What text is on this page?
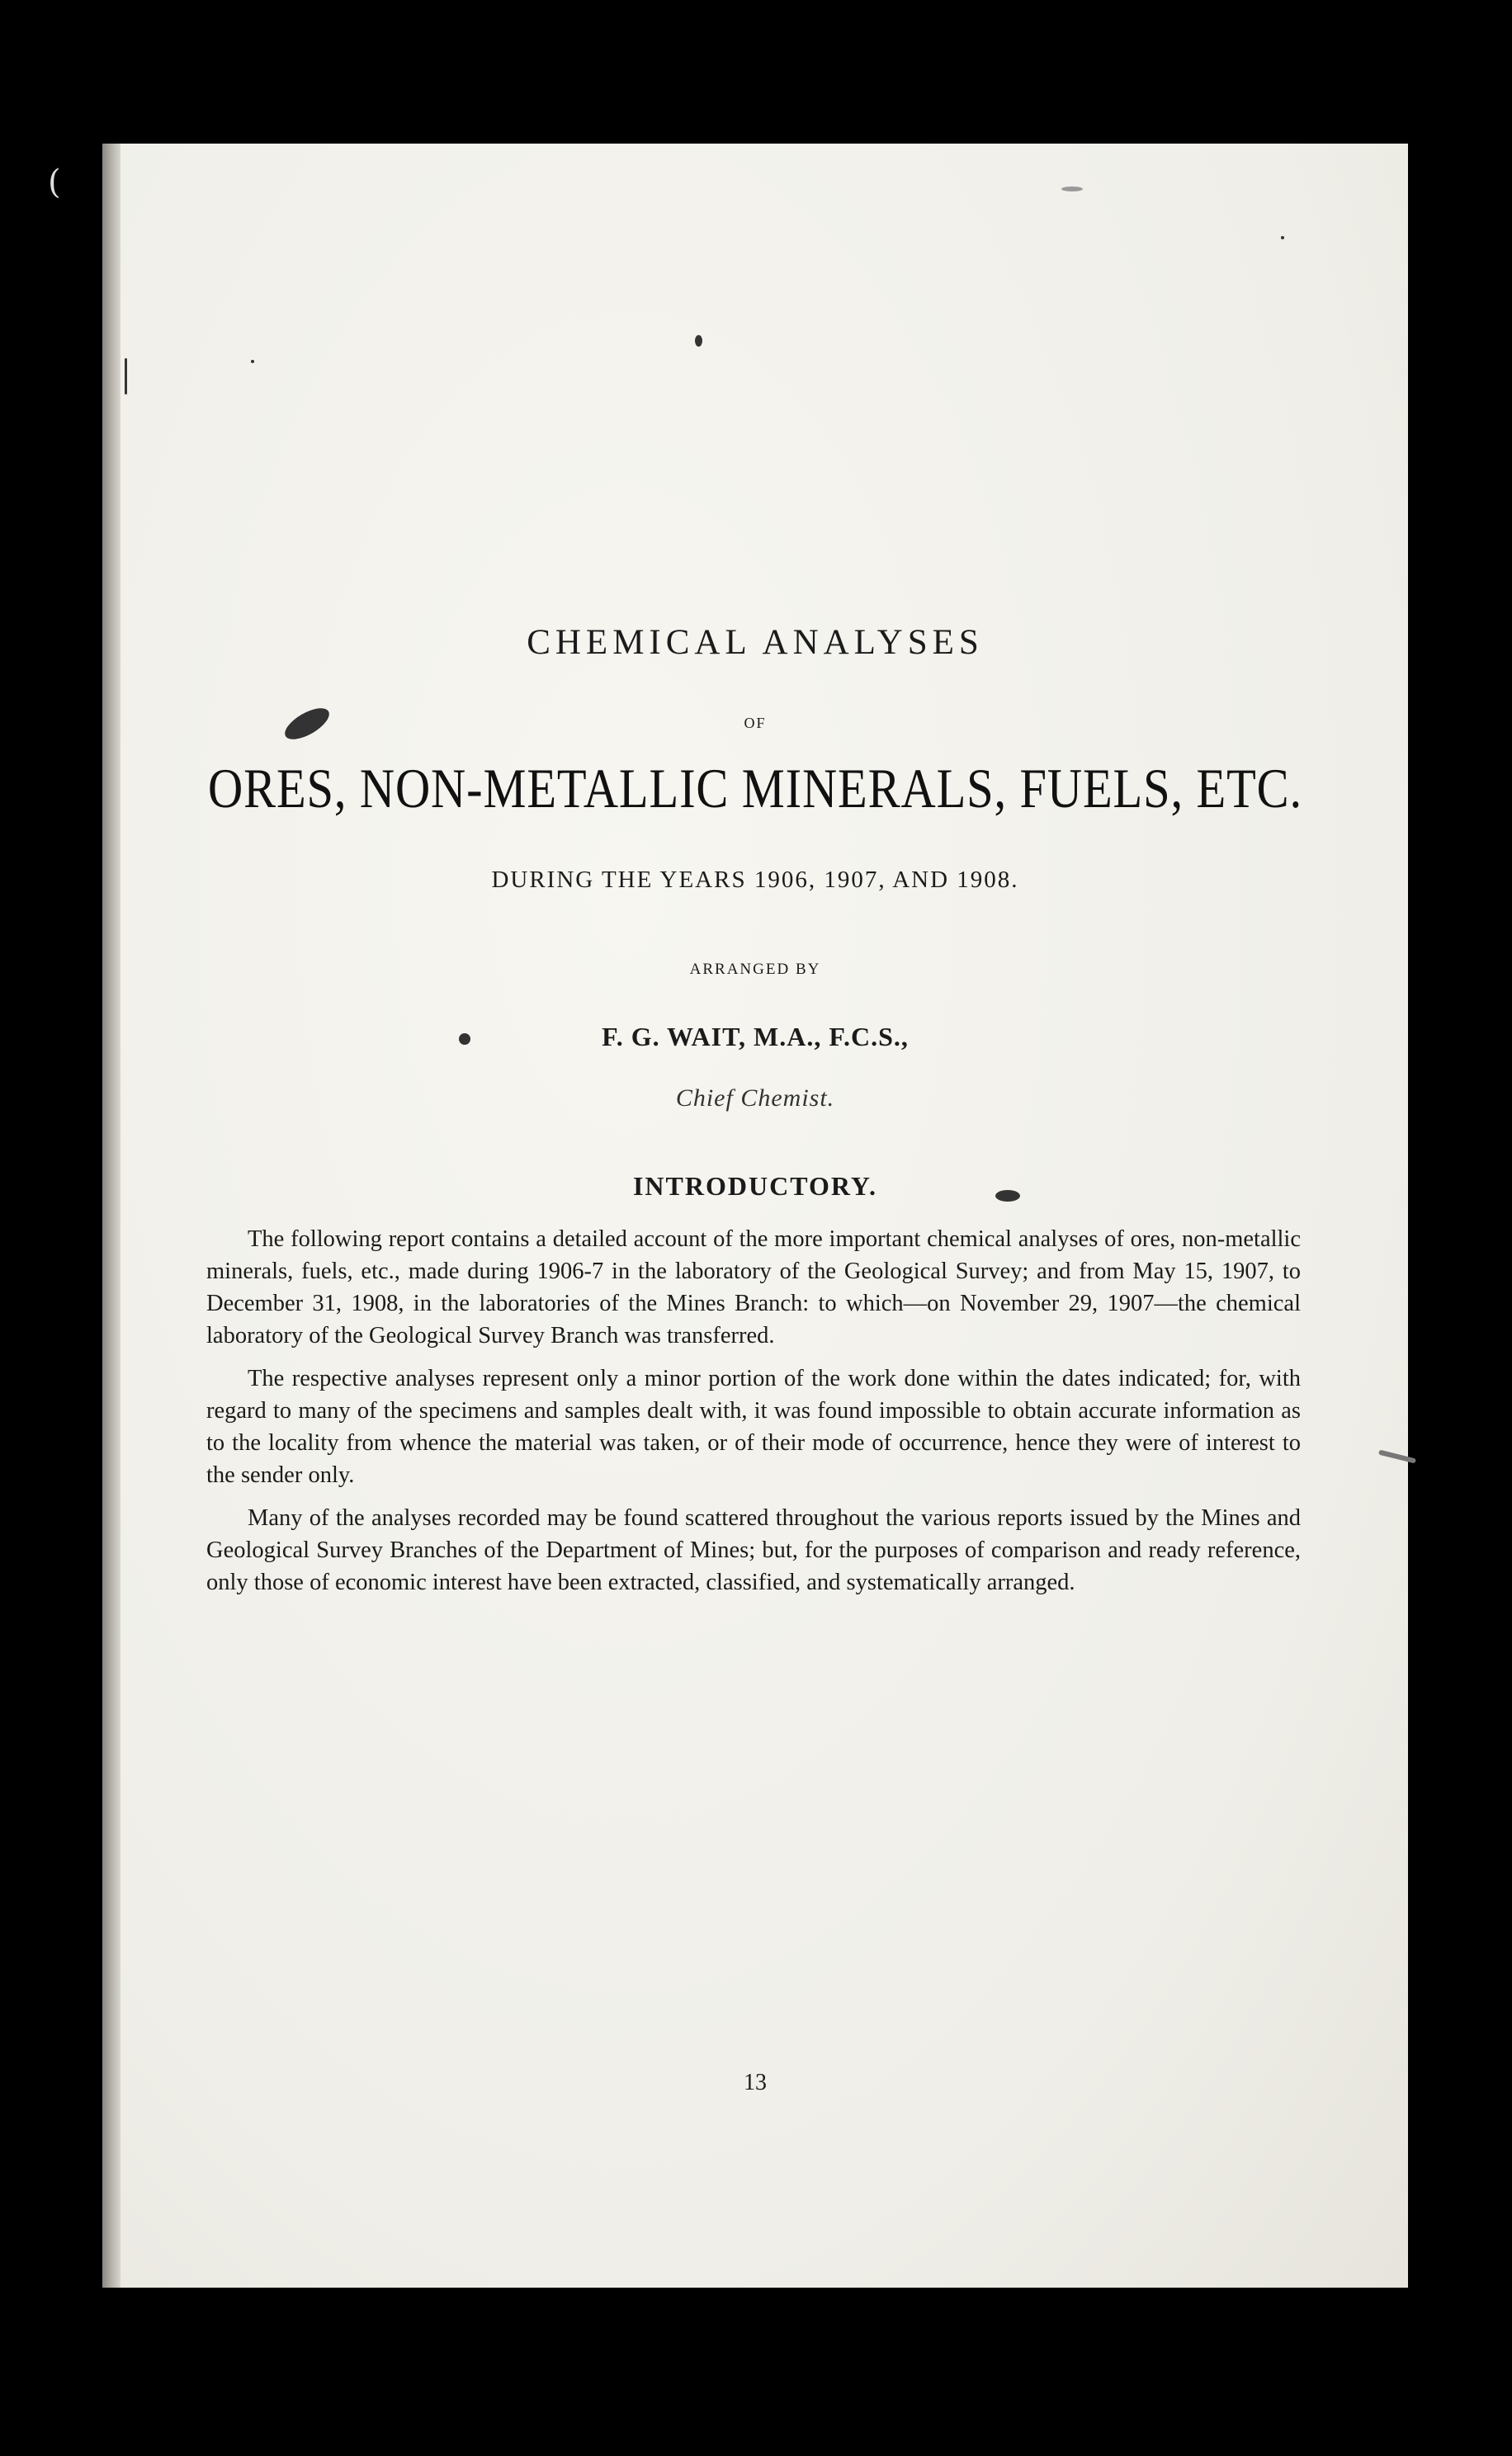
(
CHEMICAL ANALYSES
OF
ORES, NON-METALLIC MINERALS, FUELS, ETC.
DURING THE YEARS 1906, 1907, AND 1908.
ARRANGED BY
F. G. WAIT, M.A., F.C.S.,
Chief Chemist.
INTRODUCTORY.

The following report contains a detailed account of the more important chemical analyses of ores, non-metallic minerals, fuels, etc., made during 1906-7 in the laboratory of the Geological Survey; and from May 15, 1907, to December 31, 1908, in the laboratories of the Mines Branch: to which—on November 29, 1907—the chemical laboratory of the Geological Survey Branch was transferred.

The respective analyses represent only a minor portion of the work done within the dates indicated; for, with regard to many of the specimens and samples dealt with, it was found impossible to obtain accurate information as to the locality from whence the material was taken, or of their mode of occurrence, hence they were of interest to the sender only.

Many of the analyses recorded may be found scattered throughout the various reports issued by the Mines and Geological Survey Branches of the Department of Mines; but, for the purposes of comparison and ready reference, only those of economic interest have been extracted, classified, and systematically arranged.

13
